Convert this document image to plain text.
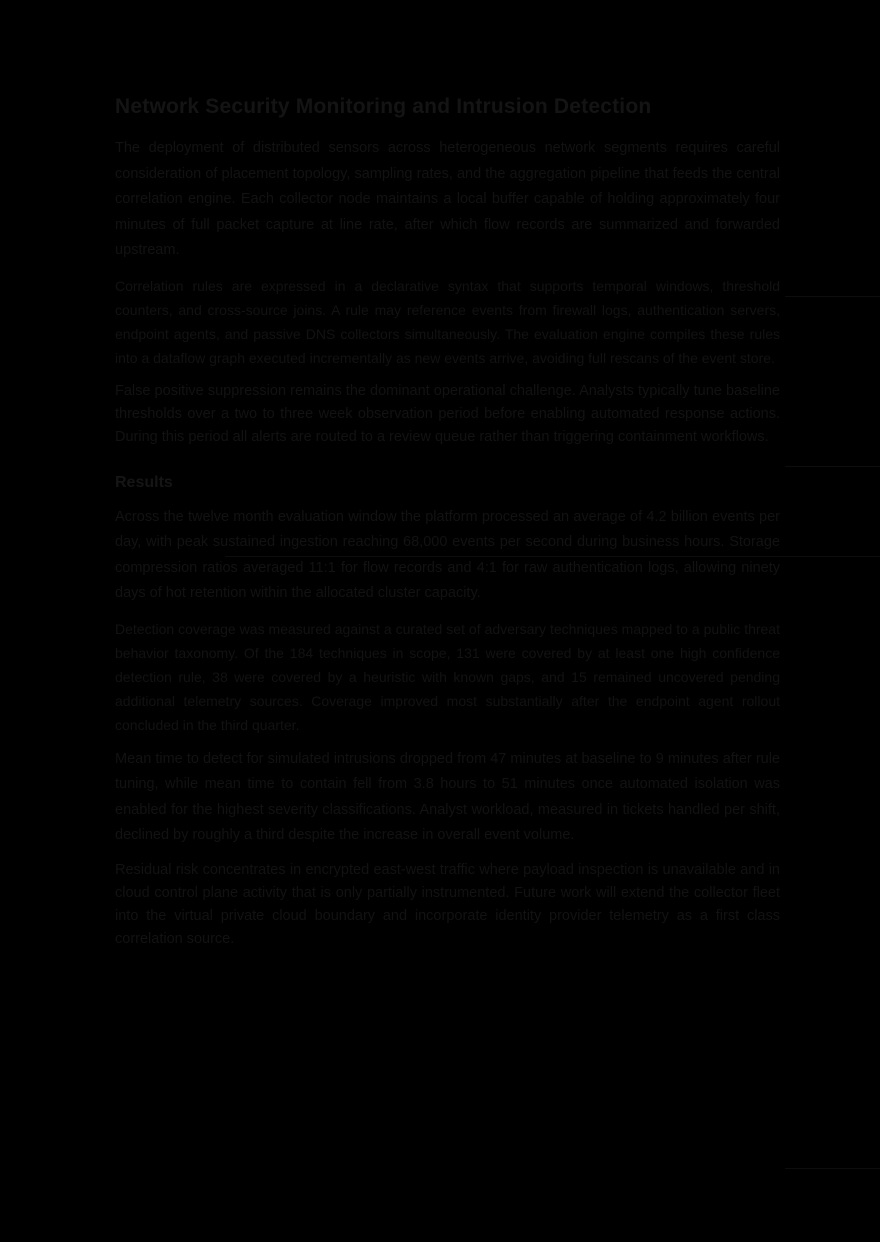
Network Security Monitoring and Intrusion Detection

The deployment of distributed sensors across heterogeneous network segments requires careful consideration of placement topology, sampling rates, and the aggregation pipeline that feeds the central correlation engine. Each collector node maintains a local buffer capable of holding approximately four minutes of full packet capture at line rate, after which flow records are summarized and forwarded upstream.

Correlation rules are expressed in a declarative syntax that supports temporal windows, threshold counters, and cross-source joins. A rule may reference events from firewall logs, authentication servers, endpoint agents, and passive DNS collectors simultaneously. The evaluation engine compiles these rules into a dataflow graph executed incrementally as new events arrive, avoiding full rescans of the event store.

False positive suppression remains the dominant operational challenge. Analysts typically tune baseline thresholds over a two to three week observation period before enabling automated response actions. During this period all alerts are routed to a review queue rather than triggering containment workflows.

Results

Across the twelve month evaluation window the platform processed an average of 4.2 billion events per day, with peak sustained ingestion reaching 68,000 events per second during business hours. Storage compression ratios averaged 11:1 for flow records and 4:1 for raw authentication logs, allowing ninety days of hot retention within the allocated cluster capacity.

Detection coverage was measured against a curated set of adversary techniques mapped to a public threat behavior taxonomy. Of the 184 techniques in scope, 131 were covered by at least one high confidence detection rule, 38 were covered by a heuristic with known gaps, and 15 remained uncovered pending additional telemetry sources. Coverage improved most substantially after the endpoint agent rollout concluded in the third quarter.

Mean time to detect for simulated intrusions dropped from 47 minutes at baseline to 9 minutes after rule tuning, while mean time to contain fell from 3.8 hours to 51 minutes once automated isolation was enabled for the highest severity classifications. Analyst workload, measured in tickets handled per shift, declined by roughly a third despite the increase in overall event volume.

Residual risk concentrates in encrypted east-west traffic where payload inspection is unavailable and in cloud control plane activity that is only partially instrumented. Future work will extend the collector fleet into the virtual private cloud boundary and incorporate identity provider telemetry as a first class correlation source.
